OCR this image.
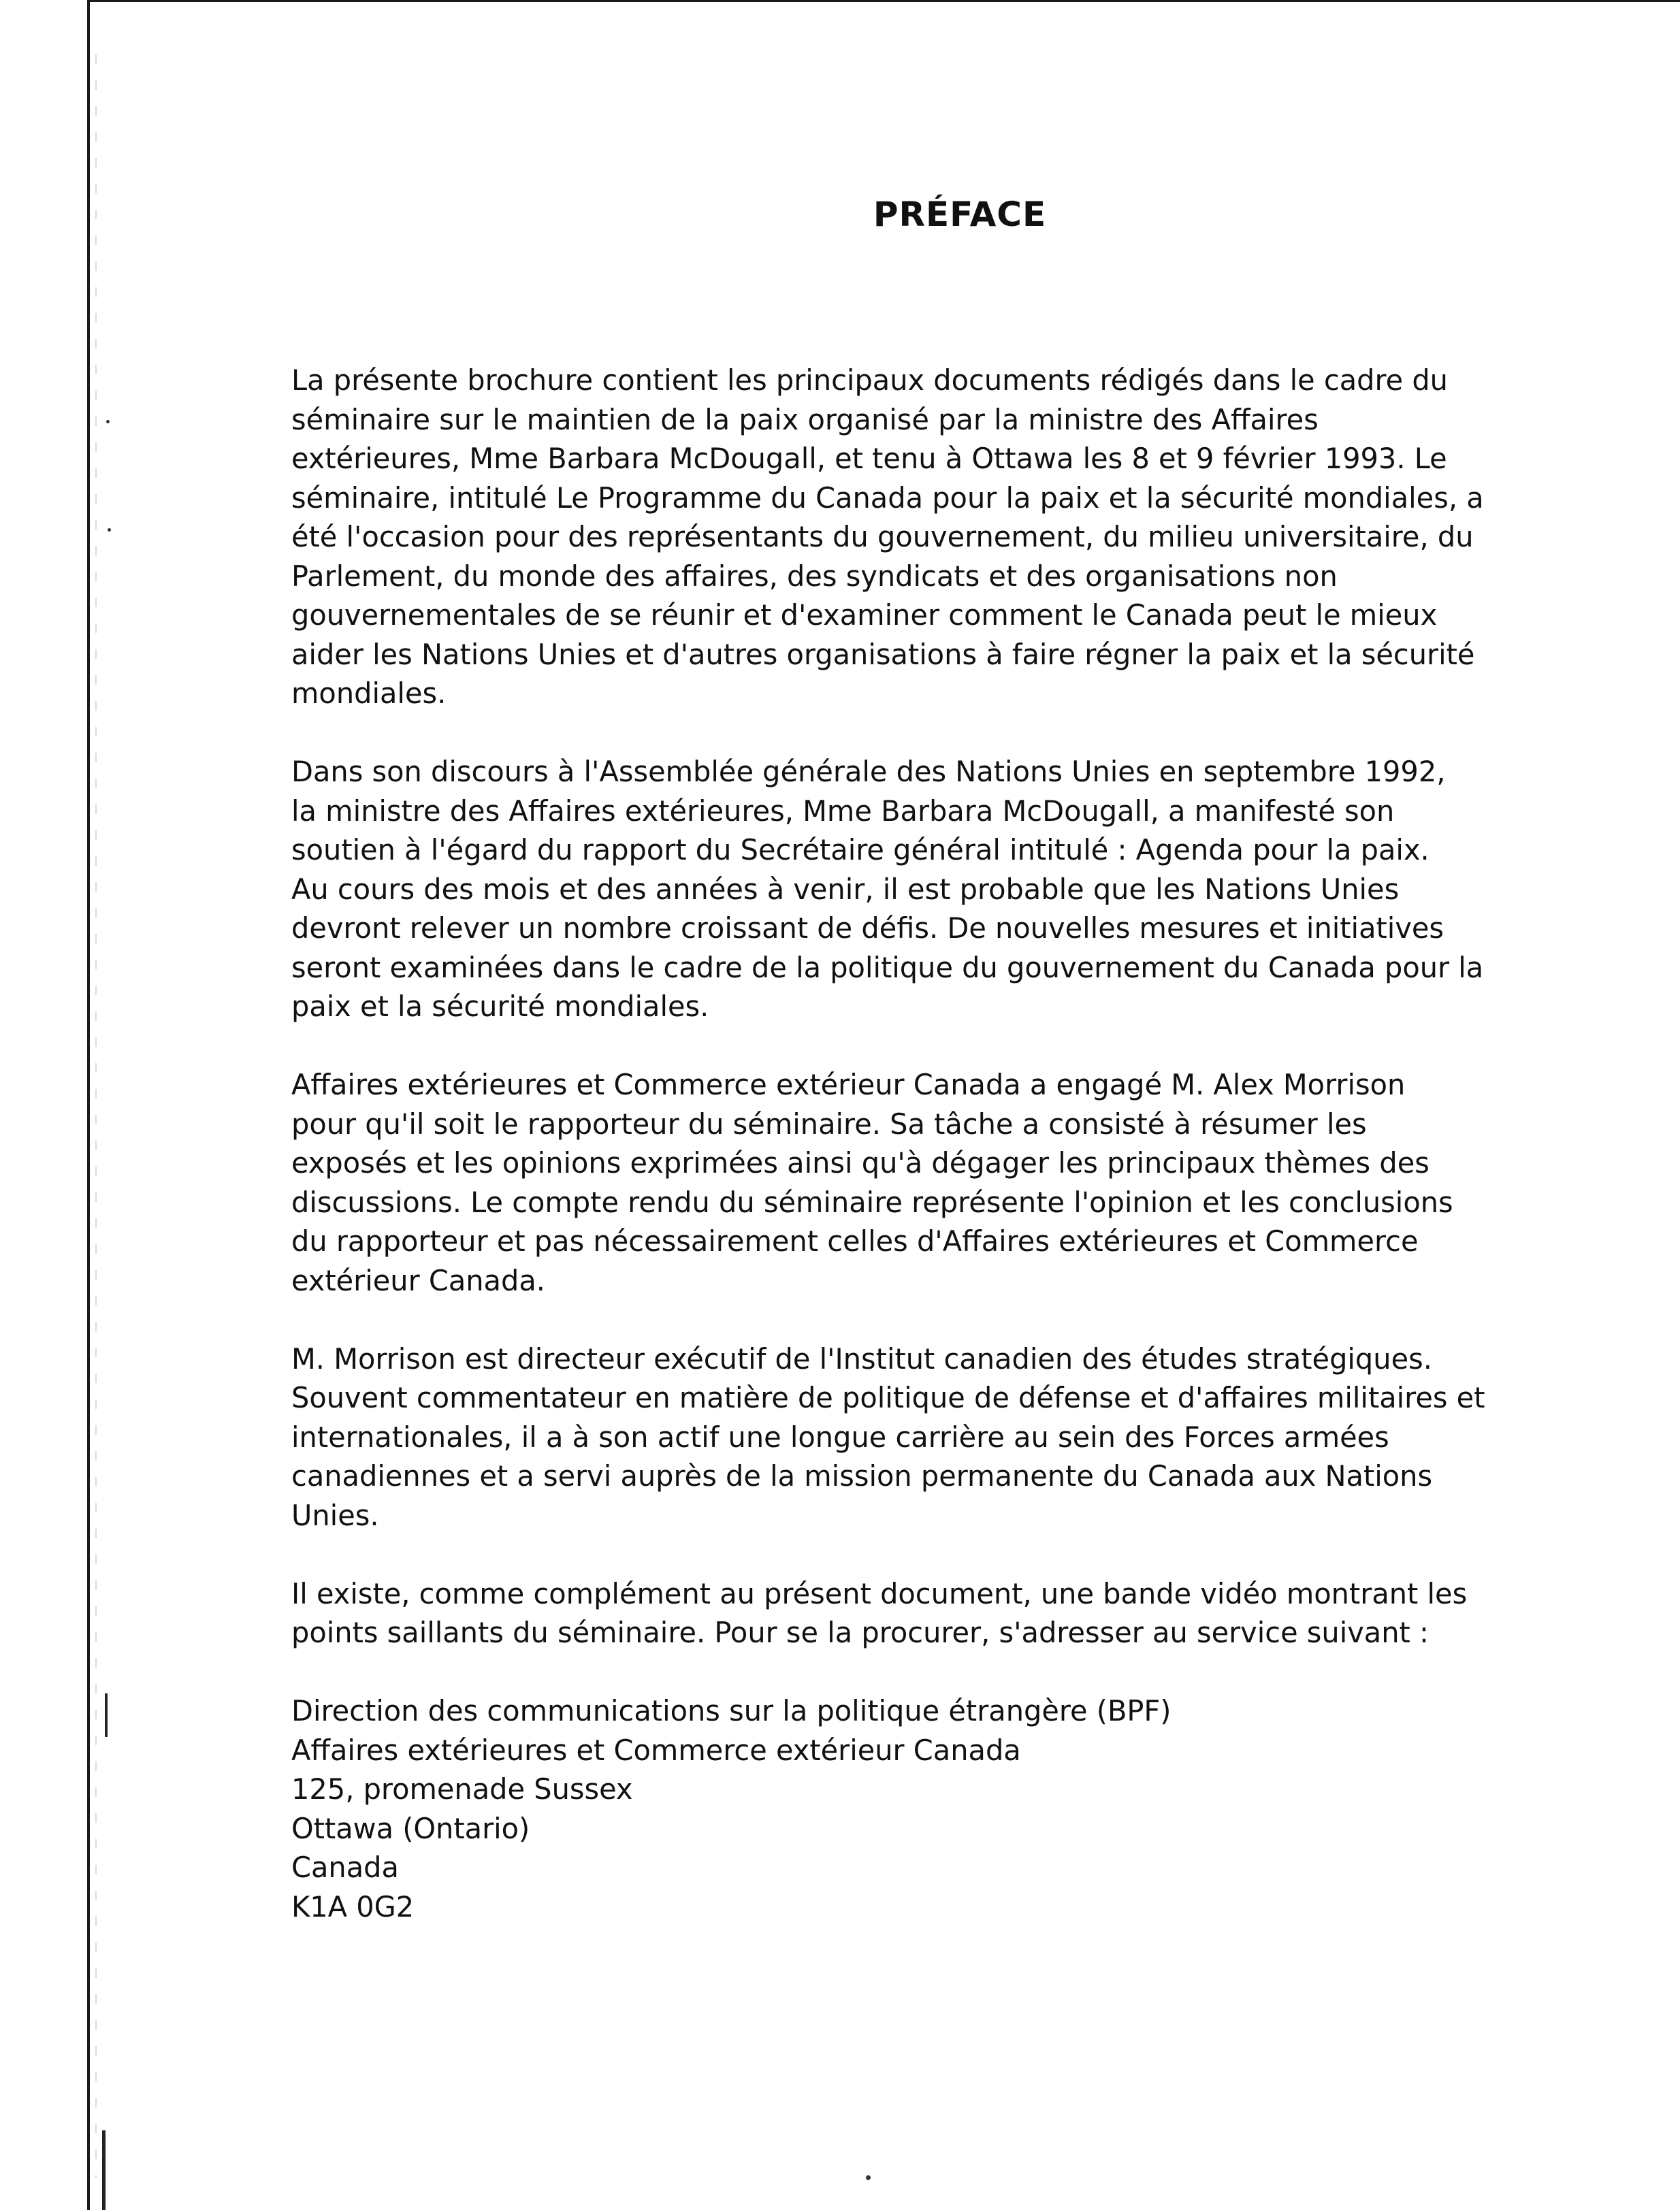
PRÉFACE

La présente brochure contient les principaux documents rédigés dans le cadre du
séminaire sur le maintien de la paix organisé par la ministre des Affaires
extérieures, Mme Barbara McDougall, et tenu à Ottawa les 8 et 9 février 1993. Le
séminaire, intitulé Le Programme du Canada pour la paix et la sécurité mondiales, a
été l'occasion pour des représentants du gouvernement, du milieu universitaire, du
Parlement, du monde des affaires, des syndicats et des organisations non
gouvernementales de se réunir et d'examiner comment le Canada peut le mieux
aider les Nations Unies et d'autres organisations à faire régner la paix et la sécurité
mondiales.

Dans son discours à l'Assemblée générale des Nations Unies en septembre 1992,
la ministre des Affaires extérieures, Mme Barbara McDougall, a manifesté son
soutien à l'égard du rapport du Secrétaire général intitulé : Agenda pour la paix.
Au cours des mois et des années à venir, il est probable que les Nations Unies
devront relever un nombre croissant de défis. De nouvelles mesures et initiatives
seront examinées dans le cadre de la politique du gouvernement du Canada pour la
paix et la sécurité mondiales.

Affaires extérieures et Commerce extérieur Canada a engagé M. Alex Morrison
pour qu'il soit le rapporteur du séminaire. Sa tâche a consisté à résumer les
exposés et les opinions exprimées ainsi qu'à dégager les principaux thèmes des
discussions. Le compte rendu du séminaire représente l'opinion et les conclusions
du rapporteur et pas nécessairement celles d'Affaires extérieures et Commerce
extérieur Canada.

M. Morrison est directeur exécutif de l'Institut canadien des études stratégiques.
Souvent commentateur en matière de politique de défense et d'affaires militaires et
internationales, il a à son actif une longue carrière au sein des Forces armées
canadiennes et a servi auprès de la mission permanente du Canada aux Nations
Unies.

Il existe, comme complément au présent document, une bande vidéo montrant les
points saillants du séminaire. Pour se la procurer, s'adresser au service suivant :

Direction des communications sur la politique étrangère (BPF)
Affaires extérieures et Commerce extérieur Canada
125, promenade Sussex
Ottawa (Ontario)
Canada
K1A 0G2
